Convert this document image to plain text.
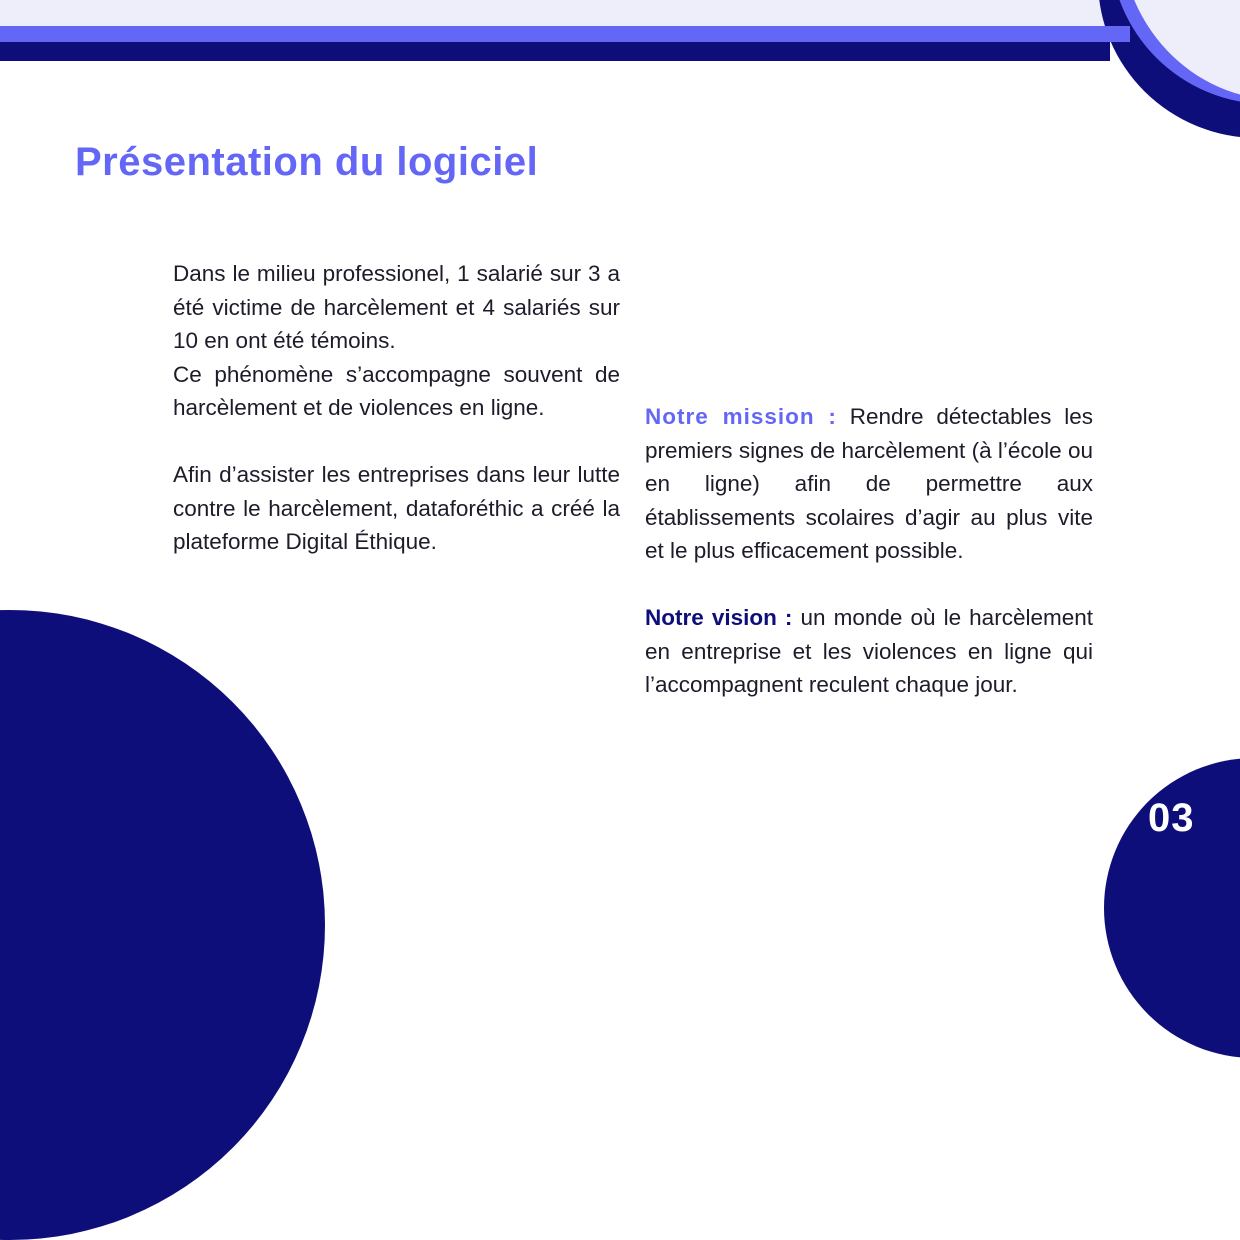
Présentation du logiciel

Dans le milieu professionel, 1 salarié sur 3 a été victime de harcèlement et 4 salariés sur 10 en ont été témoins.

Ce phénomène s’accompagne souvent de harcèlement et de violences en ligne.

Afin d’assister les entreprises dans leur lutte contre le harcèlement, dataforéthic a créé la plateforme Digital Éthique.

Notre mission : Rendre détectables les premiers signes de harcèlement (à l’école ou en ligne) afin de permettre aux établissements scolaires d’agir au plus vite et le plus efficacement possible.

Notre vision : un monde où le harcèlement en entreprise et les violences en ligne qui l’accompagnent reculent chaque jour.

03
